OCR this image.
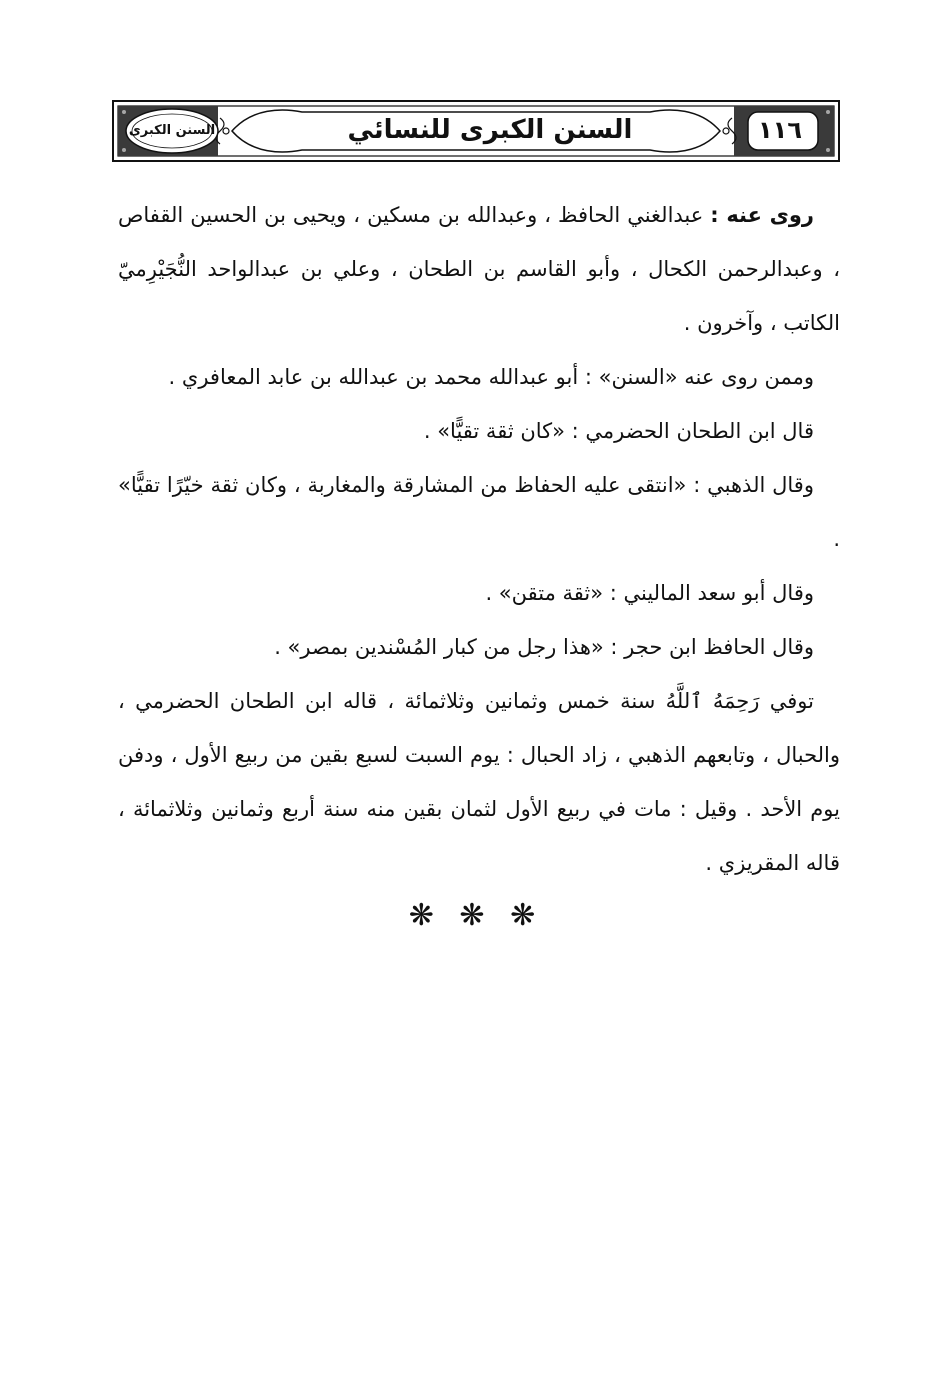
١١٦
السنن الكبرى للنسائي
السنن الكبرى

روى عنه : عبدالغني الحافظ ، وعبدالله بن مسكين ، ويحيى بن الحسين القفاص ، وعبدالرحمن الكحال ، وأبو القاسم بن الطحان ، وعلي بن عبدالواحد النُّجَيْرِميّ الكاتب ، وآخرون .

وممن روى عنه «السنن» : أبو عبدالله محمد بن عبدالله بن عابد المعافري .

قال ابن الطحان الحضرمي : «كان ثقة تقيًّا» .

وقال الذهبي : «انتقى عليه الحفاظ من المشارقة والمغاربة ، وكان ثقة خيّرًا تقيًّا» .

وقال أبو سعد الماليني : «ثقة متقن» .

وقال الحافظ ابن حجر : «هذا رجل من كبار المُسْندين بمصر» .

توفي رَحِمَهُ ٱللَّهُ سنة خمس وثمانين وثلاثمائة ، قاله ابن الطحان الحضرمي ، والحبال ، وتابعهم الذهبي ، زاد الحبال : يوم السبت لسبع بقين من ربيع الأول ، ودفن يوم الأحد . وقيل : مات في ربيع الأول لثمان بقين منه سنة أربع وثمانين وثلاثمائة ، قاله المقريزي .

❋ ❋ ❋
